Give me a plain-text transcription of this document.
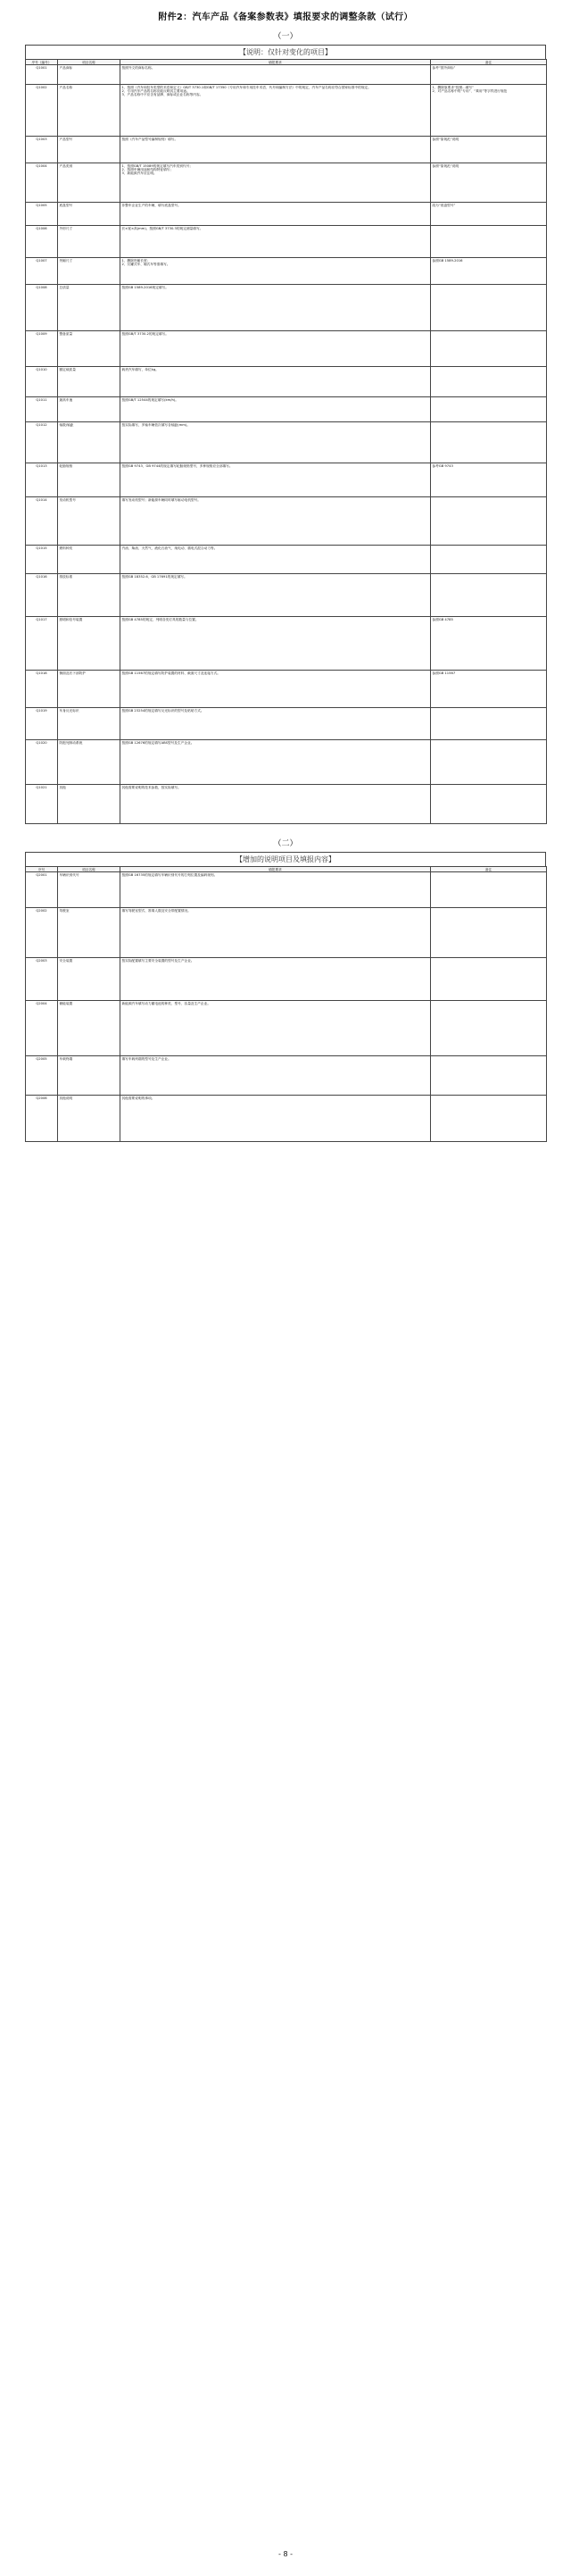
附件2：汽车产品《备案参数表》填报要求的调整条款（试行）
（一）
【说明：仅针对变化的项目】
序号（编号）	项目名称	填报要求	备注
Q1001	产品商标	按照外文的商标名称。	参考“国外商标”
Q1002	产品名称	1、按照《汽车和挂车类型的术语和定义》GB/T 3730.1和GB/T 17350《专用汽车和专用挂车术语、代号和编制方法》中的规定，汽车产品名称应符合国家标准中的规定。
2、专用汽车产品的名称应能反映其主要用途。
3、产品名称中不应含有品牌、商标或企业名称等内容。	1、删除原要求“按照...填写”
2、对产品名称中的“专用”、“乘用”等字样进行规范
Q1003	产品型号	按照《汽车产品型号编制规则》填写。	参照“原规范”说明
Q1004	产品类别	1、按照GB/T 15089的规定填写汽车类别代号；
2、按照车辆用途和结构特征填写；
3、新能源汽车应注明。	参照“原规范”说明
Q1005	底盘型号	非整车企业生产的车辆，填写底盘型号。	改为“底盘型号”
Q1006	外形尺寸	长×宽×高(mm)，按照GB/T 3730.3的规定测量填写。	
Q1007	货厢尺寸	1、删除货厢长度；
2、仅罐式车、厢式车等需填写。	参照GB 1589-2016
Q1008	总质量	按照GB 1589-2016规定填写。	
Q1009	整备质量	按照GB/T 3730.2的规定填写。	
Q1010	额定载质量	载货汽车填写，单位kg。	
Q1011	最高车速	按照GB/T 12544的规定填写(km/h)。	
Q1012	轴数/轴距	按实际填写，多轴车辆依次填写各轴距(mm)。	
Q1013	轮胎规格	按照GB 9743、GB 9744的规定填写轮胎规格型号，多种规格应全部填写。	参考GB 9743
Q1014	发动机型号	填写发动机型号；新能源车辆同时填写驱动电机型号。	
Q1015	燃料种类	汽油、柴油、天然气、液化石油气、纯电动、插电式混合动力等。	
Q1016	排放标准	按照GB 18352.6、GB 17691的规定填写。	
Q1017	照明和信号装置	按照GB 4785的规定，列明各类灯具的数量与位置。	参照GB 4785
Q1018	侧面及后下部防护	按照GB 11567的规定填写防护装置的材料、截面尺寸及连接方式。	参照GB 11567
Q1019	车身反光标识	按照GB 23254的规定填写反光标识的型号及粘贴方式。	
Q1020	防抱死制动系统	按照GB 12676的规定填写ABS型号及生产企业。	
Q1021	其他	其他需要说明的技术参数，按实际填写。	
（二）
【增加的说明项目及填报内容】
序号	项目名称	填报要求	备注
Q2001	车辆识别代号	按照GB 16735的规定填写车辆识别代号的打刻位置及编码规则。	
Q2002	驾驶室	填写驾驶室型式、准乘人数及安全带配置情况。	
Q2003	安全装置	按实际配置填写主要安全装置的型号及生产企业。	
Q2004	储能装置	新能源汽车填写动力蓄电池的种类、型号、容量及生产企业。	
Q2005	车载终端	填写车载终端的型号及生产企业。	
Q2006	其他说明	其他需要说明的事项。	
- 8 -
